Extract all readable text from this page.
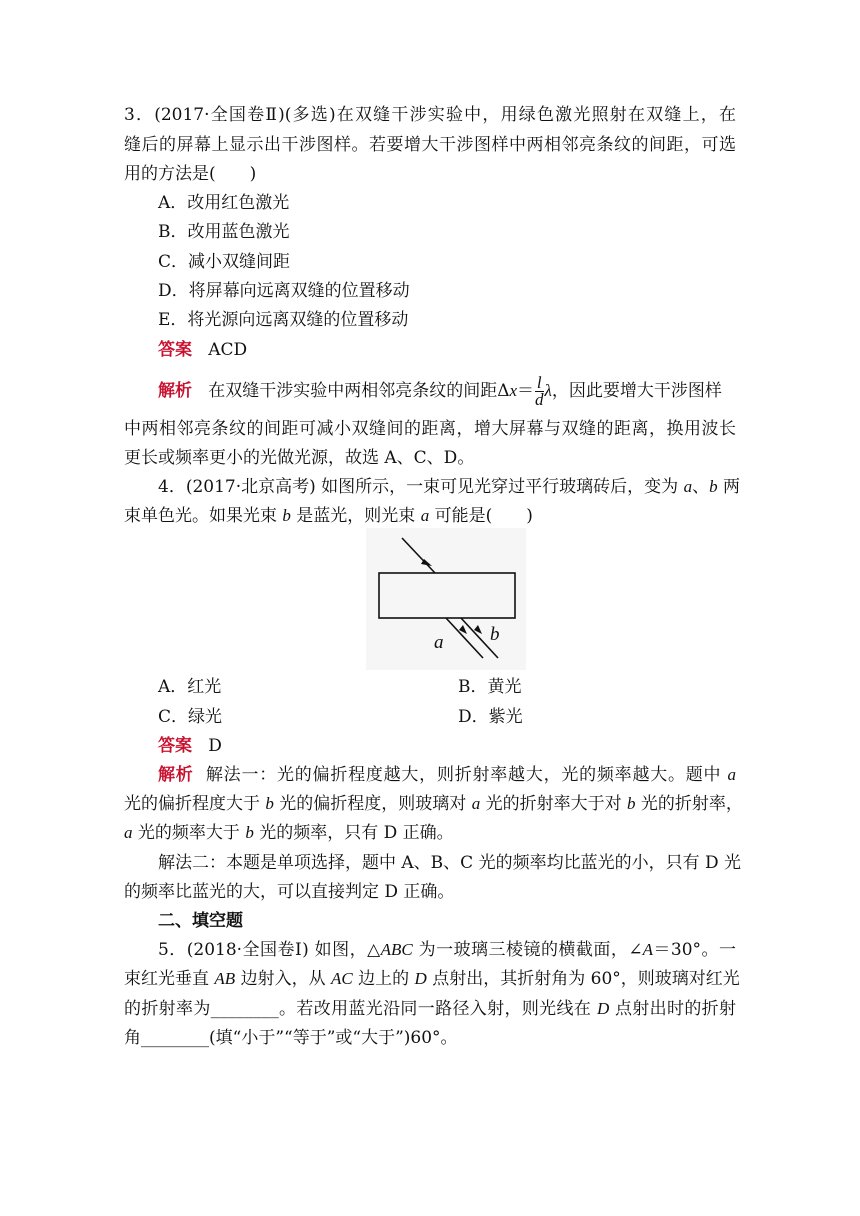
3．(2017·全国卷Ⅱ)(多选)在双缝干涉实验中，用绿色激光照射在双缝上，在
缝后的屏幕上显示出干涉图样。若要增大干涉图样中两相邻亮条纹的间距，可选
用的方法是(　　)
A．改用红色激光
B．改用蓝色激光
C．减小双缝间距
D．将屏幕向远离双缝的位置移动
E．将光源向远离双缝的位置移动
答案 ACD
解析 在双缝干涉实验中两相邻亮条纹的间距$\Delta x= \frac{l}{d}$ λ，因此要增大干涉图样
中两相邻亮条纹的间距可减小双缝间的距离，增大屏幕与双缝的距离，换用波长
更长或频率更小的光做光源，故选 A、C、D。
4．(2017·北京高考) 如图所示，一束可见光穿过平行玻璃砖后，变为 a、b 两
束单色光。如果光束 b 是蓝光，则光束 a 可能是(　　)
a b
A．红光	B．黄光
C．绿光	D．紫光
答案 D
解析 解法一：光的偏折程度越大，则折射率越大，光的频率越大。题中 a
光的偏折程度大于 b 光的偏折程度，则玻璃对 a 光的折射率大于对 b 光的折射率，
a 光的频率大于 b 光的频率，只有 D 正确。
解法二：本题是单项选择，题中 A、B、C 光的频率均比蓝光的小，只有 D 光
的频率比蓝光的大，可以直接判定 D 正确。
二、填空题
5．(2018·全国卷Ⅰ) 如图，△ABC 为一玻璃三棱镜的横截面，∠A＝30°。一
束红光垂直 AB 边射入，从 AC 边上的 D 点射出，其折射角为 60°，则玻璃对红光
的折射率为________。若改用蓝光沿同一路径入射，则光线在 D 点射出时的折射
角________(填“小于”“等于”或“大于”)60°。
